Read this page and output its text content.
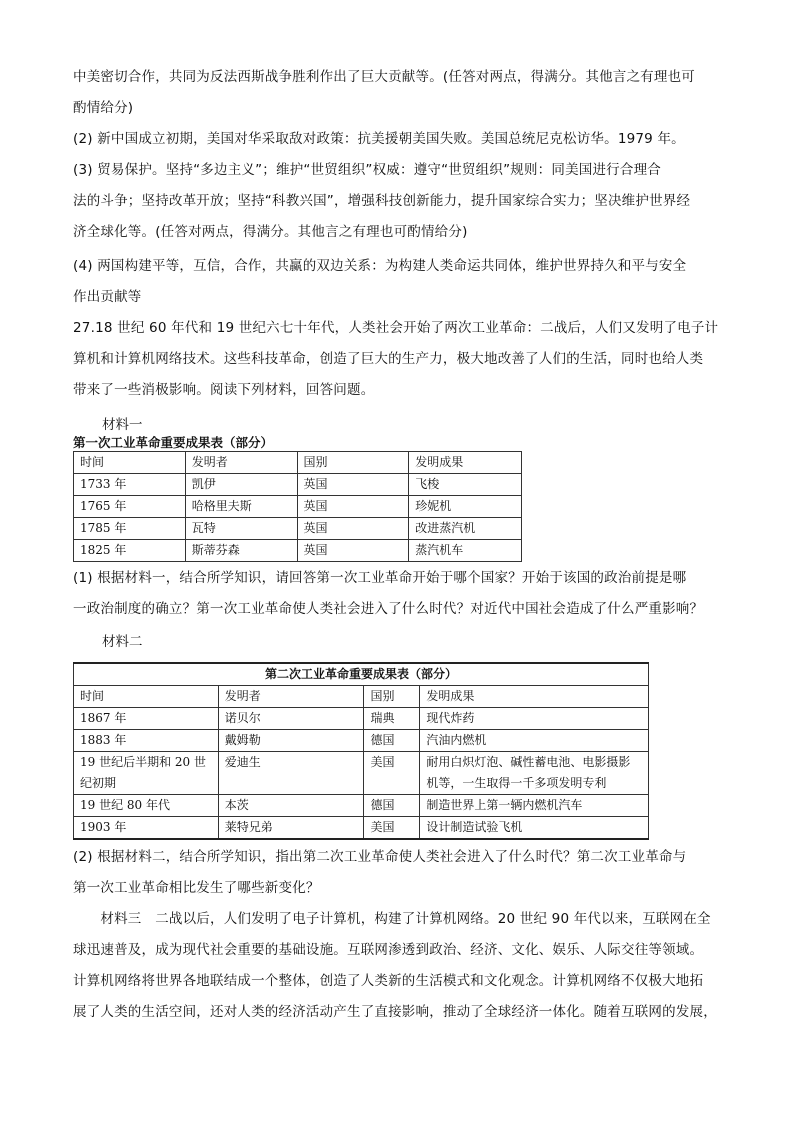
中美密切合作，共同为反法西斯战争胜利作出了巨大贡献等。(任答对两点，得满分。其他言之有理也可
酌情给分)
(2) 新中国成立初期，美国对华采取敌对政策：抗美援朝美国失败。美国总统尼克松访华。1979 年。
(3) 贸易保护。坚持“多边主义”；维护“世贸组织”权威：遵守“世贸组织”规则：同美国进行合理合
法的斗争；坚持改革开放；坚持“科教兴国”，增强科技创新能力，提升国家综合实力；坚决维护世界经
济全球化等。(任答对两点，得满分。其他言之有理也可酌情给分)
(4) 两国构建平等，互信，合作，共赢的双边关系：为构建人类命运共同体，维护世界持久和平与安全
作出贡献等
27.18 世纪 60 年代和 19 世纪六七十年代，人类社会开始了两次工业革命：二战后，人们又发明了电子计
算机和计算机网络技术。这些科技革命，创造了巨大的生产力，极大地改善了人们的生活，同时也给人类
带来了一些消极影响。阅读下列材料，回答问题。

材料一

第一次工业革命重要成果表（部分）

时间	发明者	国别	发明成果
1733 年	凯伊	英国	飞梭
1765 年	哈格里夫斯	英国	珍妮机
1785 年	瓦特	英国	改进蒸汽机
1825 年	斯蒂芬森	英国	蒸汽机车
(1) 根据材料一，结合所学知识，请回答第一次工业革命开始于哪个国家？开始于该国的政治前提是哪
一政治制度的确立？第一次工业革命使人类社会进入了什么时代？对近代中国社会造成了什么严重影响？

材料二

第二次工业革命重要成果表（部分）			
时间	发明者	国别	发明成果
1867 年	诺贝尔	瑞典	现代炸药
1883 年	戴姆勒	德国	汽油内燃机
19 世纪后半期和 20 世纪初期	爱迪生	美国	耐用白炽灯泡、碱性蓄电池、电影摄影机等，一生取得一千多项发明专利
19 世纪 80 年代	本茨	德国	制造世界上第一辆内燃机汽车
1903 年	莱特兄弟	美国	设计制造试验飞机
(2) 根据材料二，结合所学知识，指出第二次工业革命使人类社会进入了什么时代？第二次工业革命与
第一次工业革命相比发生了哪些新变化？
　　材料三　二战以后，人们发明了电子计算机，构建了计算机网络。20 世纪 90 年代以来，互联网在全
球迅速普及，成为现代社会重要的基础设施。互联网渗透到政治、经济、文化、娱乐、人际交往等领域。
计算机网络将世界各地联结成一个整体，创造了人类新的生活模式和文化观念。计算机网络不仅极大地拓
展了人类的生活空间，还对人类的经济活动产生了直接影响，推动了全球经济一体化。随着互联网的发展，
